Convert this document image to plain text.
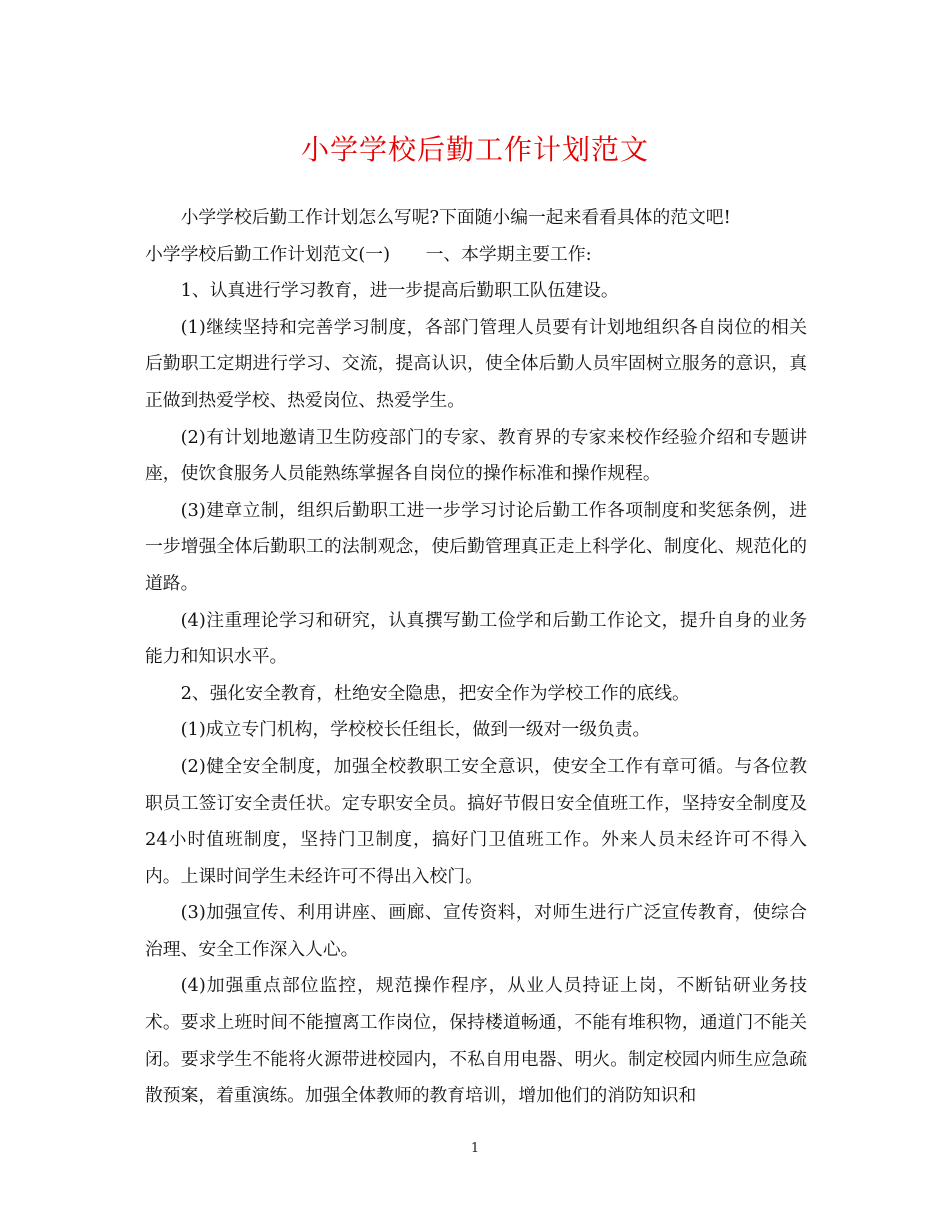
小学学校后勤工作计划范文

小学学校后勤工作计划怎么写呢?下面随小编一起来看看具体的范文吧!

小学学校后勤工作计划范文(一)　　一、本学期主要工作:

1、认真进行学习教育，进一步提高后勤职工队伍建设。

(1)继续坚持和完善学习制度，各部门管理人员要有计划地组织各自岗位的相关后勤职工定期进行学习、交流，提高认识，使全体后勤人员牢固树立服务的意识，真正做到热爱学校、热爱岗位、热爱学生。

(2)有计划地邀请卫生防疫部门的专家、教育界的专家来校作经验介绍和专题讲座，使饮食服务人员能熟练掌握各自岗位的操作标准和操作规程。

(3)建章立制，组织后勤职工进一步学习讨论后勤工作各项制度和奖惩条例，进一步增强全体后勤职工的法制观念，使后勤管理真正走上科学化、制度化、规范化的道路。

(4)注重理论学习和研究，认真撰写勤工俭学和后勤工作论文，提升自身的业务能力和知识水平。

2、强化安全教育，杜绝安全隐患，把安全作为学校工作的底线。

(1)成立专门机构，学校校长任组长，做到一级对一级负责。

(2)健全安全制度，加强全校教职工安全意识，使安全工作有章可循。与各位教职员工签订安全责任状。定专职安全员。搞好节假日安全值班工作，坚持安全制度及24小时值班制度，坚持门卫制度，搞好门卫值班工作。外来人员未经许可不得入内。上课时间学生未经许可不得出入校门。

(3)加强宣传、利用讲座、画廊、宣传资料，对师生进行广泛宣传教育，使综合治理、安全工作深入人心。

(4)加强重点部位监控，规范操作程序，从业人员持证上岗，不断钻研业务技术。要求上班时间不能擅离工作岗位，保持楼道畅通，不能有堆积物，通道门不能关闭。要求学生不能将火源带进校园内，不私自用电器、明火。制定校园内师生应急疏散预案，着重演练。加强全体教师的教育培训，增加他们的消防知识和

1
